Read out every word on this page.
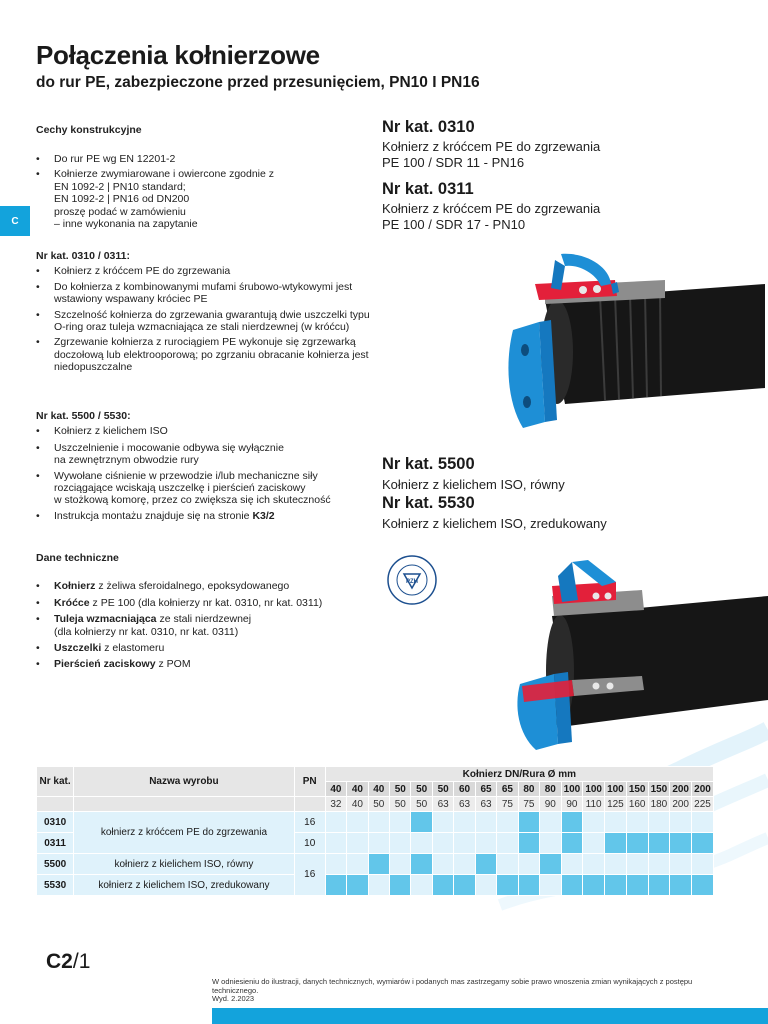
Połączenia kołnierzowe
do rur PE, zabezpieczone przed przesunięciem, PN10 I PN16
C
Cechy konstrukcyjne
• Do rur PE wg EN 12201-2
• Kołnierze zwymiarowane i owiercone zgodnie z
EN 1092-2 | PN10 standard;
EN 1092-2 | PN16 od DN200
proszę podać w zamówieniu
– inne wykonania na zapytanie
Nr kat. 0310 / 0311:
• Kołnierz z króćcem PE do zgrzewania
• Do kołnierza z kombinowanymi mufami śrubowo-wtykowymi jest wstawiony wspawany króciec PE
• Szczelność kołnierza do zgrzewania gwarantują dwie uszczelki typu O-ring oraz tuleja wzmacniająca ze stali nierdzewnej (w króćcu)
• Zgrzewanie kołnierza z rurociągiem PE wykonuje się zgrzewarką doczołową lub elektrooporową; po zgrzaniu obracanie kołnierza jest niedopuszczalne
Nr kat. 5500 / 5530:
• Kołnierz z kielichem ISO
• Uszczelnienie i mocowanie odbywa się wyłącznie
na zewnętrznym obwodzie rury
• Wywołane ciśnienie w przewodzie i/lub mechaniczne siły
rozciągające wciskają uszczelkę i pierścień zaciskowy
w stożkową komorę, przez co zwiększa się ich skuteczność
• Instrukcja montażu znajduje się na stronie K3/2
Dane techniczne
• Kołnierz z żeliwa sferoidalnego, epoksydowanego
• Króćce z PE 100 (dla kołnierzy nr kat. 0310, nr kat. 0311)
• Tuleja wzmacniająca ze stali nierdzewnej
(dla kołnierzy nr kat. 0310, nr kat. 0311)
• Uszczelki z elastomeru
• Pierścień zaciskowy z POM
Nr kat. 0310
Kołnierz z króćcem PE do zgrzewania
PE 100 / SDR 11 - PN16
Nr kat. 0311
Kołnierz z króćcem PE do zgrzewania
PE 100 / SDR 17 - PN10
Nr kat. 5500
Kołnierz z kielichem ISO, równy
Nr kat. 5530
Kołnierz z kielichem ISO, zredukowany
PZH
Nr kat.	Nazwa wyrobu	PN	Kołnierz DN/Rura Ø mm																	
			40	40	40	50	50	50	60	65	65	80	80	100	100	100	150	150	200	200
			32	40	50	50	50	63	63	63	75	75	90	90	110	125	160	180	200	225
0310	kołnierz z króćcem PE do zgrzewania	16																		
0311		10																		
5500	kołnierz z kielichem ISO, równy	16																		
5530	kołnierz z kielichem ISO, zredukowany																			
C2/1
W odniesieniu do ilustracji, danych technicznych, wymiarów i podanych mas zastrzegamy sobie prawo wnoszenia zmian wynikających z postępu technicznego.
Wyd. 2.2023
